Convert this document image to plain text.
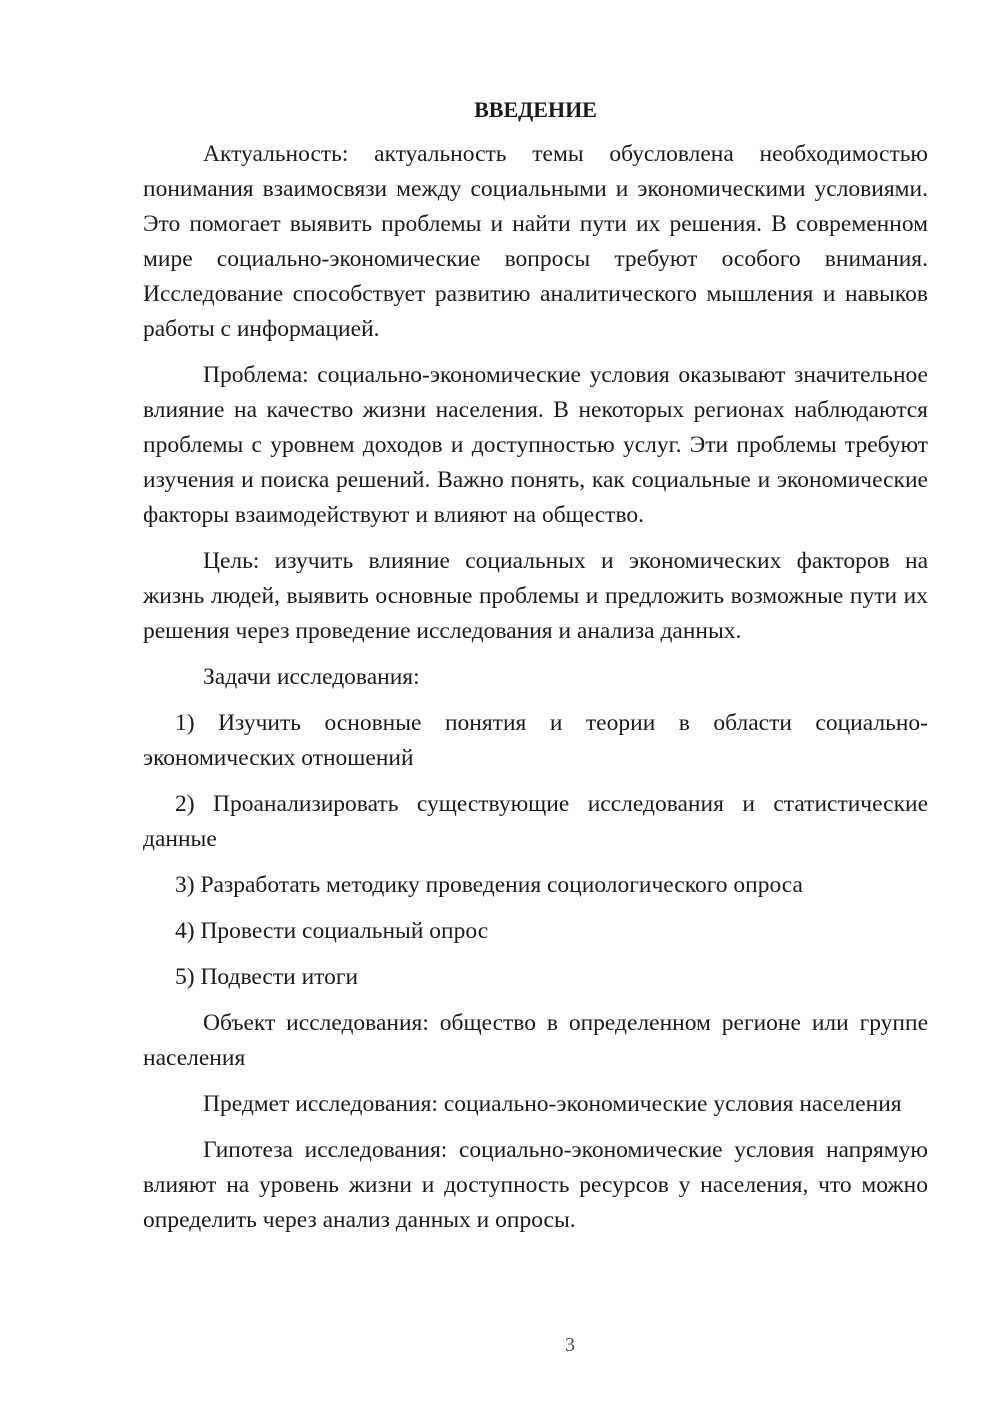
ВВЕДЕНИЕ

Актуальность: актуальность темы обусловлена необходимостью понимания взаимосвязи между социальными и экономическими условиями. Это помогает выявить проблемы и найти пути их решения. В современном мире социально-экономические вопросы требуют особого внимания. Исследование способствует развитию аналитического мышления и навыков работы с информацией.

Проблема: социально-экономические условия оказывают значительное влияние на качество жизни населения. В некоторых регионах наблюдаются проблемы с уровнем доходов и доступностью услуг. Эти проблемы требуют изучения и поиска решений. Важно понять, как социальные и экономические факторы взаимодействуют и влияют на общество.

Цель: изучить влияние социальных и экономических факторов на жизнь людей, выявить основные проблемы и предложить возможные пути их решения через проведение исследования и анализа данных.

Задачи исследования:

1) Изучить основные понятия и теории в области социально-экономических отношений

2) Проанализировать существующие исследования и статистические данные

3) Разработать методику проведения социологического опроса

4) Провести социальный опрос

5) Подвести итоги

Объект исследования: общество в определенном регионе или группе населения

Предмет исследования: социально-экономические условия населения

Гипотеза исследования: социально-экономические условия напрямую влияют на уровень жизни и доступность ресурсов у населения, что можно определить через анализ данных и опросы.

3
